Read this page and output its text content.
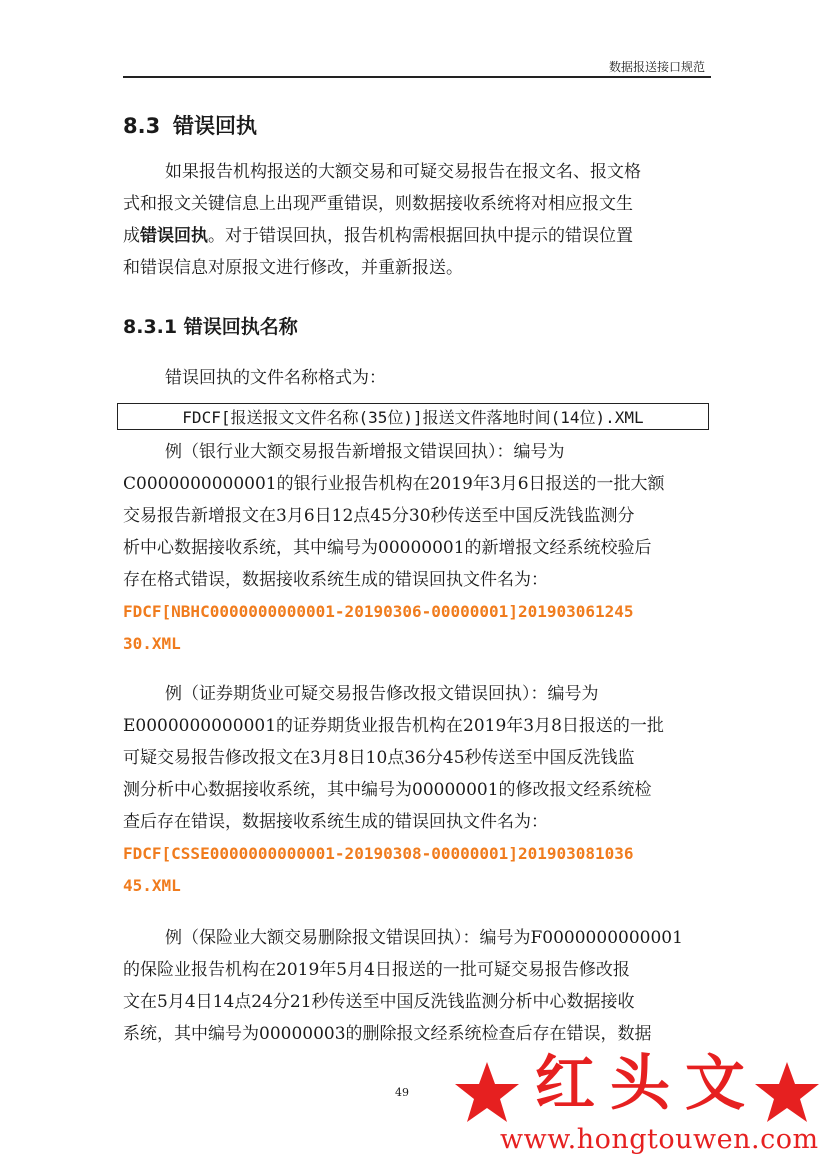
数据报送接口规范
8.3 错误回执
如果报告机构报送的大额交易和可疑交易报告在报文名、报文格
式和报文关键信息上出现严重错误，则数据接收系统将对相应报文生
成错误回执。对于错误回执，报告机构需根据回执中提示的错误位置
和错误信息对原报文进行修改，并重新报送。
8.3.1 错误回执名称
错误回执的文件名称格式为：
FDCF[报送报文文件名称(35位)]报送文件落地时间(14位).XML
例（银行业大额交易报告新增报文错误回执）：编号为
C0000000000001的银行业报告机构在2019年3月6日报送的一批大额
交易报告新增报文在3月6日12点45分30秒传送至中国反洗钱监测分
析中心数据接收系统，其中编号为00000001的新增报文经系统校验后
存在格式错误，数据接收系统生成的错误回执文件名为：
FDCF[NBHC0000000000001-20190306-00000001]201903061245
30.XML
例（证券期货业可疑交易报告修改报文错误回执）：编号为
E0000000000001的证券期货业报告机构在2019年3月8日报送的一批
可疑交易报告修改报文在3月8日10点36分45秒传送至中国反洗钱监
测分析中心数据接收系统，其中编号为00000001的修改报文经系统检
查后存在错误，数据接收系统生成的错误回执文件名为：
FDCF[CSSE0000000000001-20190308-00000001]201903081036
45.XML
例（保险业大额交易删除报文错误回执）：编号为F0000000000001
的保险业报告机构在2019年5月4日报送的一批可疑交易报告修改报
文在5月4日14点24分21秒传送至中国反洗钱监测分析中心数据接收
系统，其中编号为00000003的删除报文经系统检查后存在错误，数据
49 红 头 文
www.hongtouwen.com
